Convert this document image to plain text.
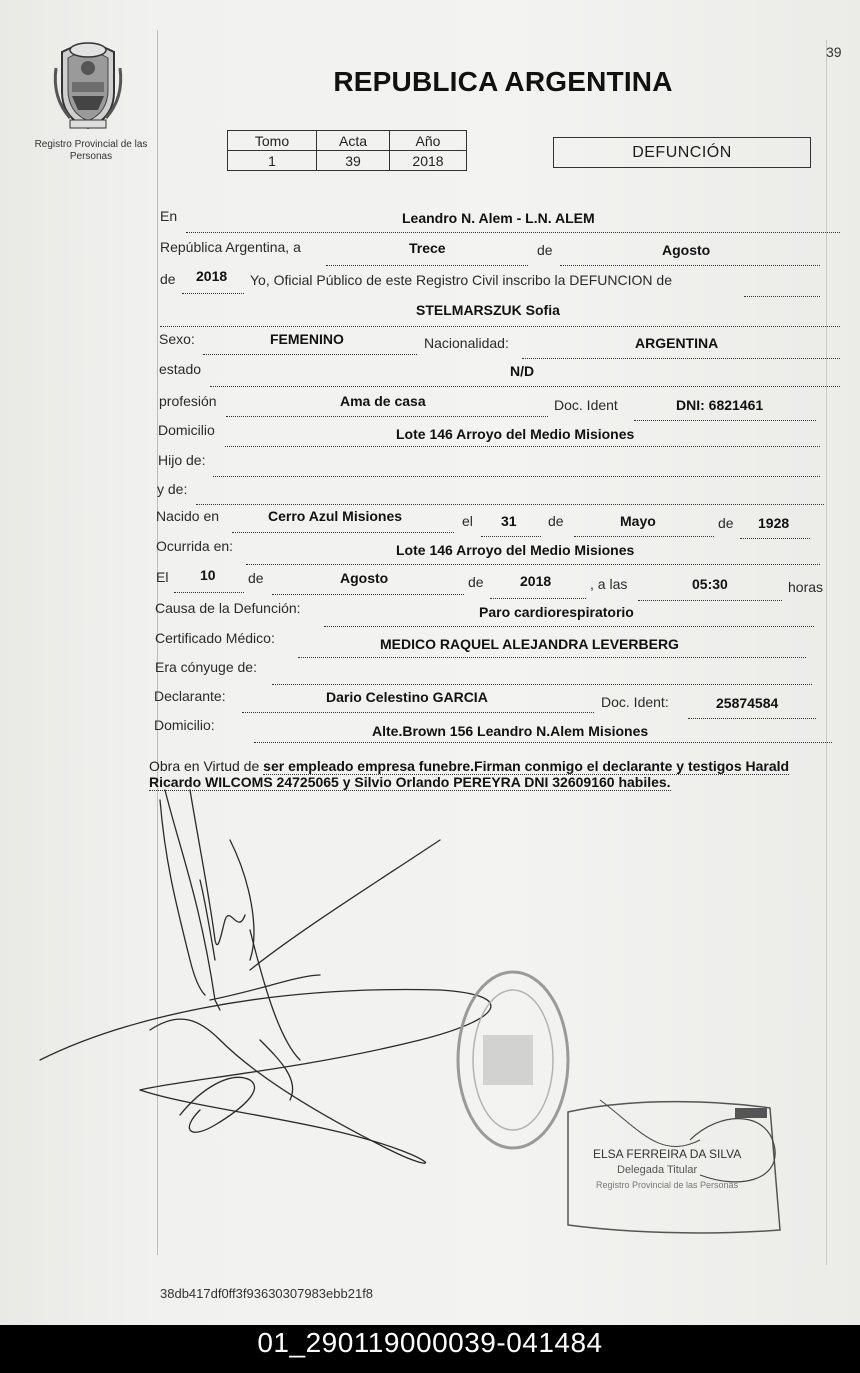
39
Registro Provincial de las Personas
REPUBLICA ARGENTINA
Tomo	Acta	Año
1	39	2018	DEFUNCIÓN
En	Leandro N. Alem - L.N. ALEM
República Argentina, a	Trece	de	Agosto
de 2018 Yo, Oficial Público de este Registro Civil inscribo la DEFUNCION de
STELMARSZUK Sofia
Sexo:	FEMENINO	Nacionalidad:	ARGENTINA
estado	N/D
profesión	Ama de casa	Doc. Ident	DNI: 6821461
Domicilio	Lote 146 Arroyo del Medio Misiones
Hijo de:
y de:
Nacido en	Cerro Azul Misiones	el 31 de	Mayo	de 1928
Ocurrida en:	Lote 146 Arroyo del Medio Misiones
El 10 de	Agosto	de	2018	, a las	05:30	horas
Causa de la Defunción:	Paro cardiorespiratorio
Certificado Médico:	MEDICO RAQUEL ALEJANDRA LEVERBERG
Era cónyuge de:
Declarante:	Dario Celestino GARCIA	Doc. Ident:	25874584
Domicilio:	Alte.Brown 156 Leandro N.Alem Misiones
Obra en Virtud de ser empleado empresa funebre.Firman conmigo el declarante y testigos Harald Ricardo WILCOMS 24725065 y Silvio Orlando PEREYRA DNI 32609160 habiles.
ELSA FERREIRA DA SILVA
Delegada Titular
Registro Provincial de las Personas
38db417df0ff3f93630307983ebb21f8
01_290119000039-041484
